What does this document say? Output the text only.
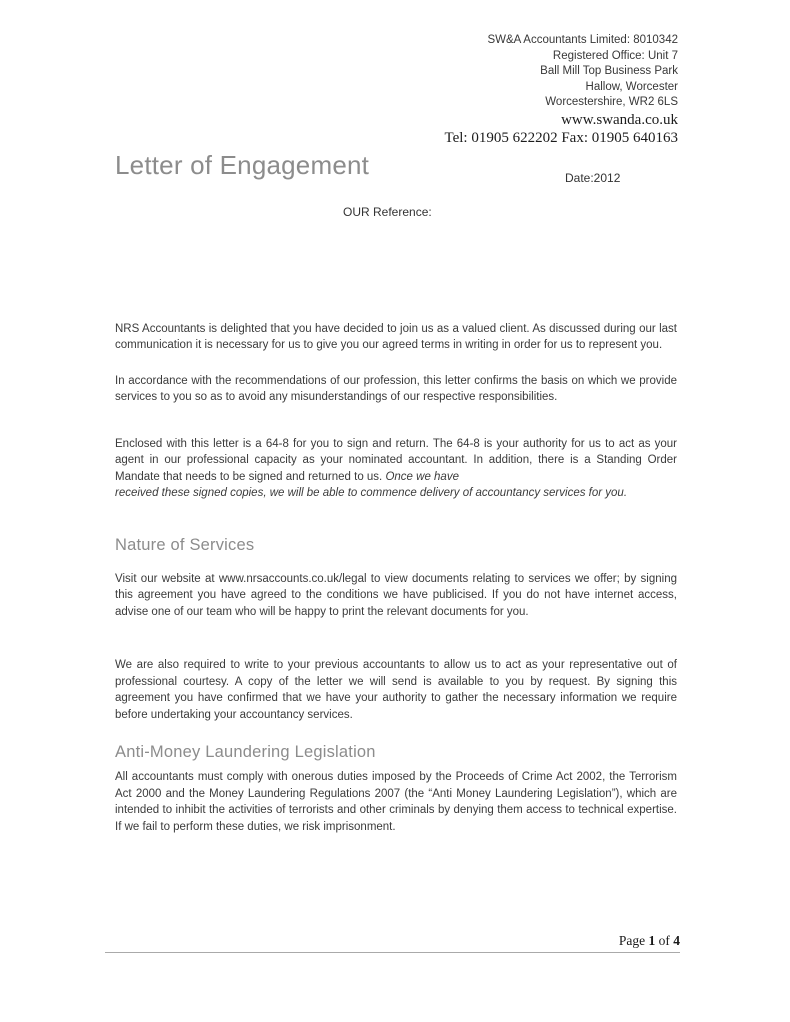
SW&A Accountants Limited: 8010342
Registered Office: Unit 7
Ball Mill Top Business Park
Hallow, Worcester
Worcestershire, WR2 6LS
www.swanda.co.uk
Tel: 01905 622202 Fax: 01905 640163
Letter of Engagement	Date:2012
OUR Reference:

NRS Accountants is delighted that you have decided to join us as a valued client. As discussed during our last communication it is necessary for us to give you our agreed terms in writing in order for us to represent you.

In accordance with the recommendations of our profession, this letter confirms the basis on which we provide services to you so as to avoid any misunderstandings of our respective responsibilities.

Enclosed with this letter is a 64-8 for you to sign and return. The 64-8 is your authority for us to act as your agent in our professional capacity as your nominated accountant. In addition, there is a Standing Order Mandate that needs to be signed and returned to us. Once we have
received these signed copies, we will be able to commence delivery of accountancy services for you.

Nature of Services

Visit our website at www.nrsaccounts.co.uk/legal to view documents relating to services we offer; by signing this agreement you have agreed to the conditions we have publicised. If you do not have internet access, advise one of our team who will be happy to print the relevant documents for you.

We are also required to write to your previous accountants to allow us to act as your representative out of professional courtesy. A copy of the letter we will send is available to you by request. By signing this agreement you have confirmed that we have your authority to gather the necessary information we require before undertaking your accountancy services.

Anti-Money Laundering Legislation

All accountants must comply with onerous duties imposed by the Proceeds of Crime Act 2002, the Terrorism Act 2000 and the Money Laundering Regulations 2007 (the “Anti Money Laundering Legislation”), which are intended to inhibit the activities of terrorists and other criminals by denying them access to technical expertise. If we fail to perform these duties, we risk imprisonment.

Page 1 of 4
